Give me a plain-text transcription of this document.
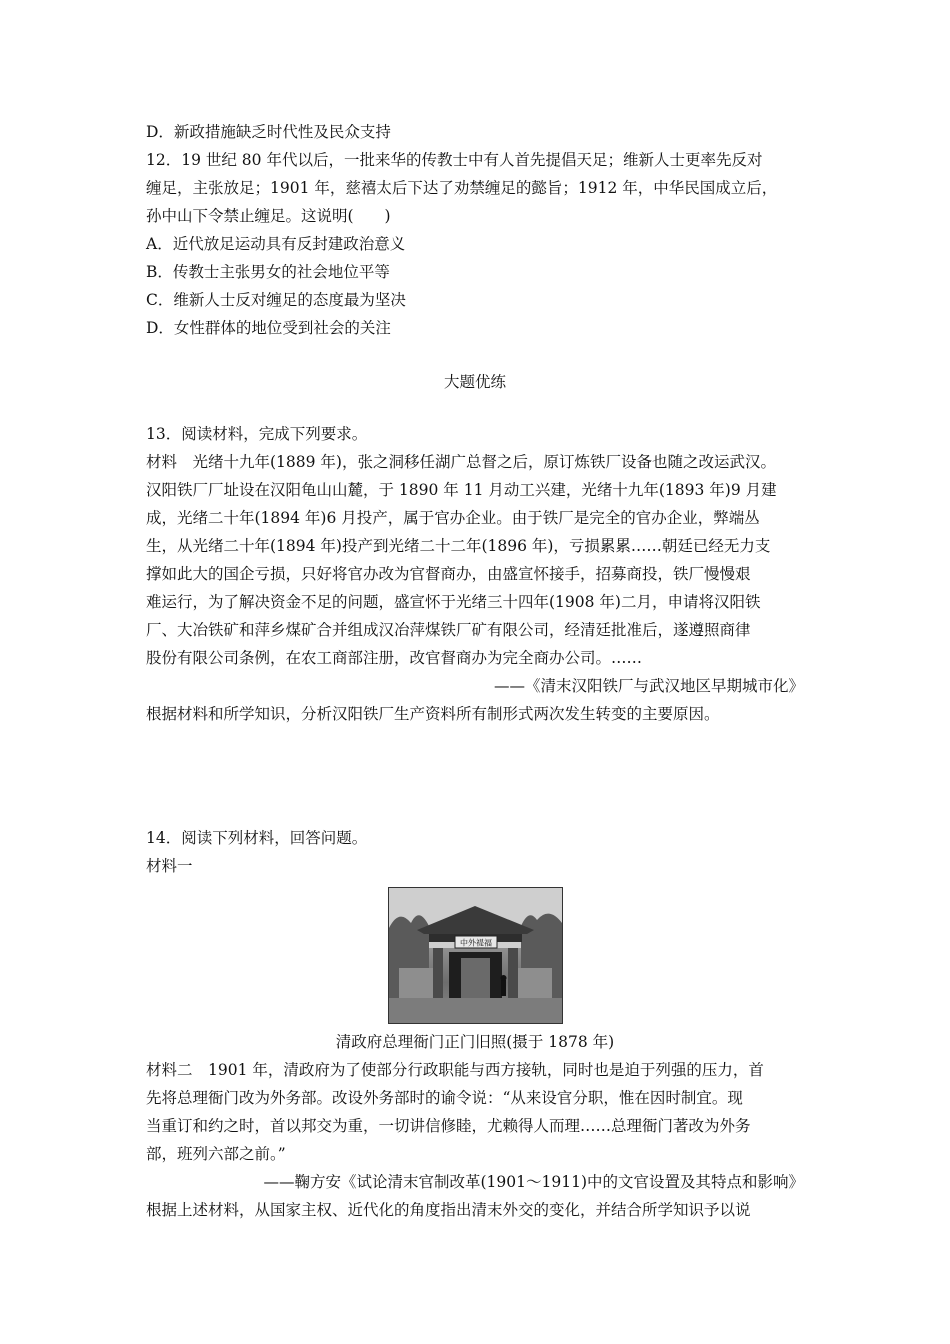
D．新政措施缺乏时代性及民众支持
12．19 世纪 80 年代以后，一批来华的传教士中有人首先提倡天足；维新人士更率先反对
缠足，主张放足；1901 年，慈禧太后下达了劝禁缠足的懿旨；1912 年，中华民国成立后，
孙中山下令禁止缠足。这说明(　　)
A．近代放足运动具有反封建政治意义
B．传教士主张男女的社会地位平等
C．维新人士反对缠足的态度最为坚决
D．女性群体的地位受到社会的关注
大题优练
13．阅读材料，完成下列要求。
材料　光绪十九年(1889 年)，张之洞移任湖广总督之后，原订炼铁厂设备也随之改运武汉。
汉阳铁厂厂址设在汉阳龟山山麓，于 1890 年 11 月动工兴建，光绪十九年(1893 年)9 月建
成，光绪二十年(1894 年)6 月投产，属于官办企业。由于铁厂是完全的官办企业，弊端丛
生，从光绪二十年(1894 年)投产到光绪二十二年(1896 年)，亏损累累……朝廷已经无力支
撑如此大的国企亏损，只好将官办改为官督商办，由盛宣怀接手，招募商投，铁厂慢慢艰
难运行，为了解决资金不足的问题，盛宣怀于光绪三十四年(1908 年)二月，申请将汉阳铁
厂、大冶铁矿和萍乡煤矿合并组成汉冶萍煤铁厂矿有限公司，经清廷批准后，遂遵照商律
股份有限公司条例，在农工商部注册，改官督商办为完全商办公司。……
——《清末汉阳铁厂与武汉地区早期城市化》
根据材料和所学知识，分析汉阳铁厂生产资料所有制形式两次发生转变的主要原因。
14．阅读下列材料，回答问题。
材料一
中外禔福
清政府总理衙门正门旧照(摄于 1878 年)
材料二　1901 年，清政府为了使部分行政职能与西方接轨，同时也是迫于列强的压力，首
先将总理衙门改为外务部。改设外务部时的谕令说：“从来设官分职，惟在因时制宜。现
当重订和约之时，首以邦交为重，一切讲信修睦，尤赖得人而理……总理衙门著改为外务
部，班列六部之前。”
——鞠方安《试论清末官制改革(1901～1911)中的文官设置及其特点和影响》
根据上述材料，从国家主权、近代化的角度指出清末外交的变化，并结合所学知识予以说
